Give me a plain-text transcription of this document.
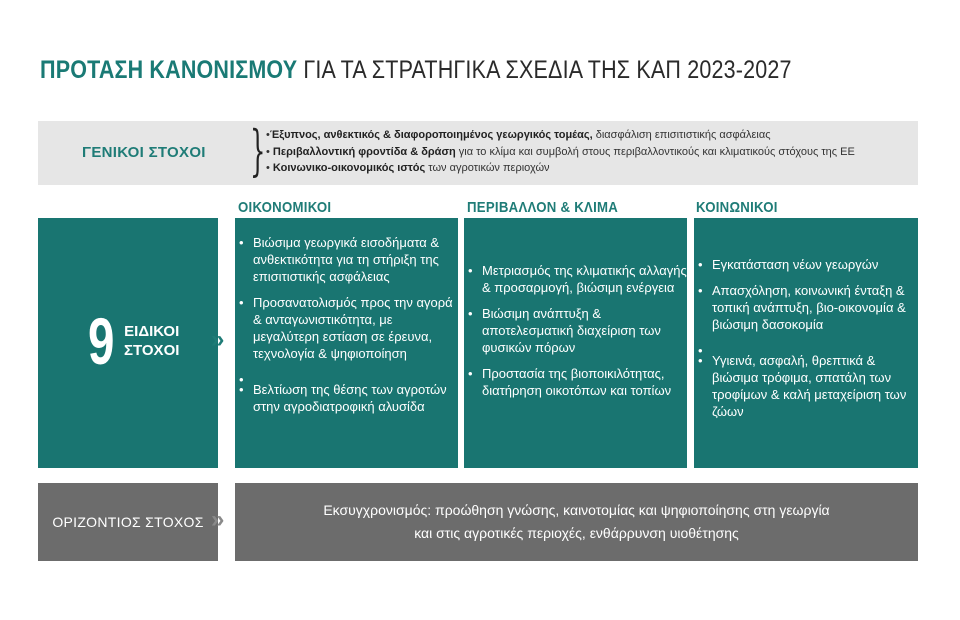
ΠΡΟΤΑΣΗ ΚΑΝΟΝΙΣΜΟΥ ΓΙΑ ΤΑ ΣΤΡΑΤΗΓΙΚΑ ΣΧΕΔΙΑ ΤΗΣ ΚΑΠ 2023-2027
ΓΕΝΙΚΟΙ ΣΤΟΧΟΙ } •Έξυπνος, ανθεκτικός & διαφοροποιημένος γεωργικός τομέας, διασφάλιση επισιτιστικής ασφάλειας
• Περιβαλλοντική φροντίδα & δράση για το κλίμα και συμβολή στους περιβαλλοντικούς και κλιματικούς στόχους της ΕΕ
• Κοινωνικο-οικονομικός ιστός των αγροτικών περιοχών
ΟΙΚΟΝΟΜΙΚΟΙ	ΠΕΡΙΒΑΛΛΟΝ & ΚΛΙΜΑ	ΚΟΙΝΩΝΙΚΟΙ
9 ΕΙΔΙΚΟΙ
ΣΤΟΧΟΙ »
• Βιώσιμα γεωργικά εισοδήματα & ανθεκτικότητα για τη στήριξη της επισιτιστικής ασφάλειας
• Προσανατολισμός προς την αγορά & ανταγωνιστικότητα, με μεγαλύτερη εστίαση σε έρευνα, τεχνολογία & ψηφιοποίηση
•
• Βελτίωση της θέσης των αγροτών στην αγροδιατροφική αλυσίδα
• Μετριασμός της κλιματικής αλλαγής & προσαρμογή, βιώσιμη ενέργεια
• Βιώσιμη ανάπτυξη & αποτελεσματική διαχείριση των φυσικών πόρων
• Προστασία της βιοποικιλότητας, διατήρηση οικοτόπων και τοπίων
• Εγκατάσταση νέων γεωργών
• Απασχόληση, κοινωνική ένταξη & τοπική ανάπτυξη, βιο-οικονομία & βιώσιμη δασοκομία
•
• Υγιεινά, ασφαλή, θρεπτικά & βιώσιμα τρόφιμα, σπατάλη των τροφίμων & καλή μεταχείριση των ζώων
ΟΡΙΖΟΝΤΙΟΣ ΣΤΟΧΟΣ »	Εκσυγχρονισμός: προώθηση γνώσης, καινοτομίας και ψηφιοποίησης στη γεωργία
και στις αγροτικές περιοχές, ενθάρρυνση υιοθέτησης
